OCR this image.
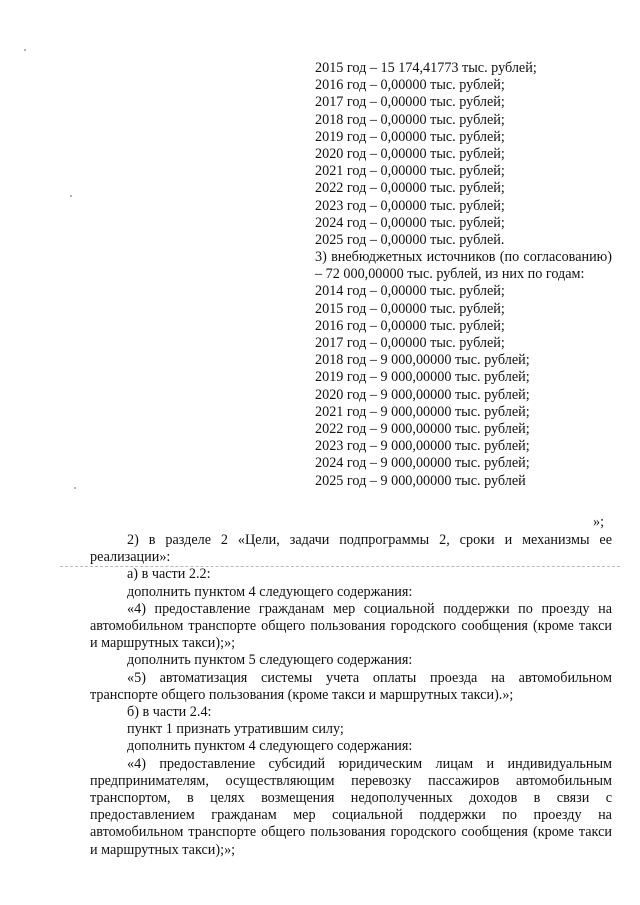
2015 год – 15 174,41773 тыс. рублей;
2016 год – 0,00000 тыс. рублей;
2017 год – 0,00000 тыс. рублей;
2018 год – 0,00000 тыс. рублей;
2019 год – 0,00000 тыс. рублей;
2020 год – 0,00000 тыс. рублей;
2021 год – 0,00000 тыс. рублей;
2022 год – 0,00000 тыс. рублей;
2023 год – 0,00000 тыс. рублей;
2024 год – 0,00000 тыс. рублей;
2025 год – 0,00000 тыс. рублей.
3) внебюджетных источников (по согласованию) – 72 000,00000 тыс. рублей, из них по годам:
2014 год – 0,00000 тыс. рублей;
2015 год – 0,00000 тыс. рублей;
2016 год – 0,00000 тыс. рублей;
2017 год – 0,00000 тыс. рублей;
2018 год – 9 000,00000 тыс. рублей;
2019 год – 9 000,00000 тыс. рублей;
2020 год – 9 000,00000 тыс. рублей;
2021 год – 9 000,00000 тыс. рублей;
2022 год – 9 000,00000 тыс. рублей;
2023 год – 9 000,00000 тыс. рублей;
2024 год – 9 000,00000 тыс. рублей;
2025 год – 9 000,00000 тыс. рублей
»;

2) в разделе 2 «Цели, задачи подпрограммы 2, сроки и механизмы ее реализации»:

а) в части 2.2:

дополнить пунктом 4 следующего содержания:

«4) предоставление гражданам мер социальной поддержки по проезду на автомобильном транспорте общего пользования городского сообщения (кроме такси и маршрутных такси);»;

дополнить пунктом 5 следующего содержания:

«5) автоматизация системы учета оплаты проезда на автомобильном транспорте общего пользования (кроме такси и маршрутных такси).»;

б) в части 2.4:

пункт 1 признать утратившим силу;

дополнить пунктом 4 следующего содержания:

«4) предоставление субсидий юридическим лицам и индивидуальным предпринимателям, осуществляющим перевозку пассажиров автомобильным транспортом, в целях возмещения недополученных доходов в связи с предоставлением гражданам мер социальной поддержки по проезду на автомобильном транспорте общего пользования городского сообщения (кроме такси и маршрутных такси);»;
